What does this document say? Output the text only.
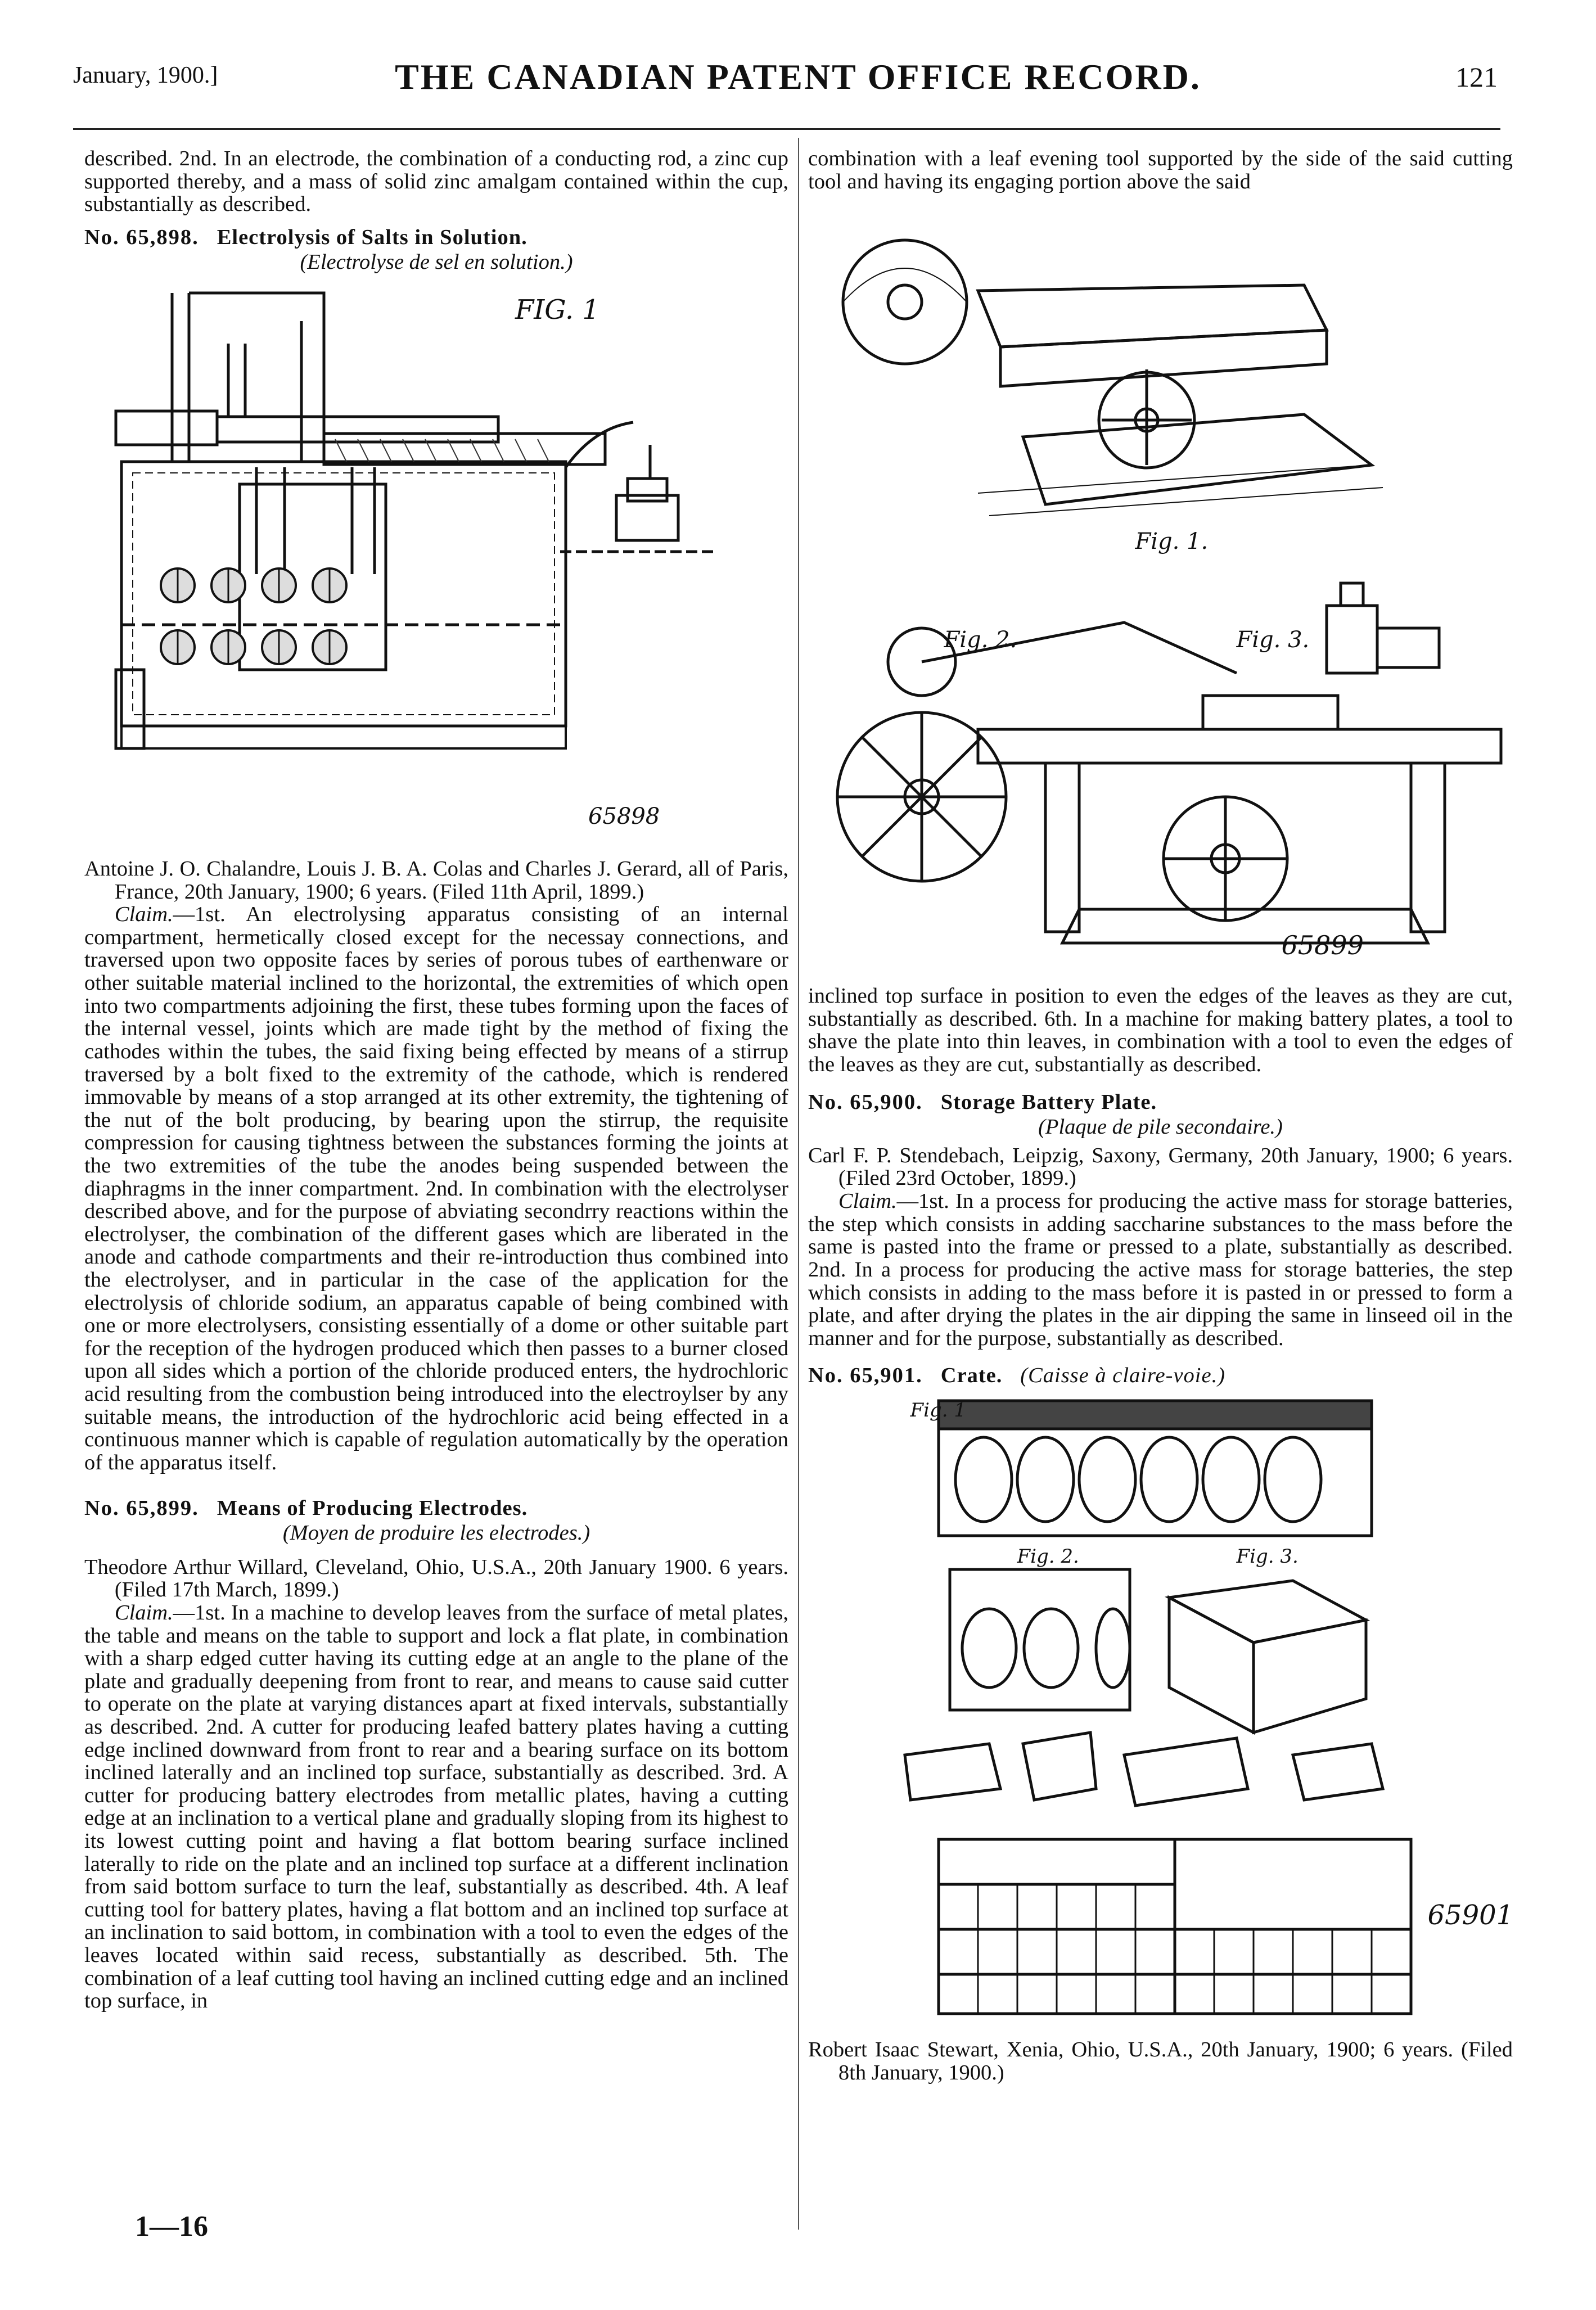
January, 1900.]	THE CANADIAN PATENT OFFICE RECORD.	121

described. 2nd. In an electrode, the combination of a conducting rod, a zinc cup supported thereby, and a mass of solid zinc amalgam contained within the cup, substantially as described.

No. 65,898. Electrolysis of Salts in Solution.

(Electrolyse de sel en solution.)

FIG. 1
65898

Antoine J. O. Chalandre, Louis J. B. A. Colas and Charles J. Gerard, all of Paris, France, 20th January, 1900; 6 years. (Filed 11th April, 1899.)

Claim.—1st. An electrolysing apparatus consisting of an internal compartment, hermetically closed except for the necessay connections, and traversed upon two opposite faces by series of porous tubes of earthenware or other suitable material inclined to the horizontal, the extremities of which open into two compartments adjoining the first, these tubes forming upon the faces of the internal vessel, joints which are made tight by the method of fixing the cathodes within the tubes, the said fixing being effected by means of a stirrup traversed by a bolt fixed to the extremity of the cathode, which is rendered immovable by means of a stop arranged at its other extremity, the tightening of the nut of the bolt producing, by bearing upon the stirrup, the requisite compression for causing tightness between the substances forming the joints at the two extremities of the tube the anodes being suspended between the diaphragms in the inner compartment. 2nd. In combination with the electrolyser described above, and for the purpose of abviating secondrry reactions within the electrolyser, the combination of the different gases which are liberated in the anode and cathode compartments and their re-introduction thus combined into the electrolyser, and in particular in the case of the application for the electrolysis of chloride sodium, an apparatus capable of being combined with one or more electrolysers, consisting essentially of a dome or other suitable part for the reception of the hydrogen produced which then passes to a burner closed upon all sides which a portion of the chloride produced enters, the hydrochloric acid resulting from the combustion being introduced into the electroylser by any suitable means, the introduction of the hydrochloric acid being effected in a continuous manner which is capable of regulation automatically by the operation of the apparatus itself.

No. 65,899. Means of Producing Electrodes.

(Moyen de produire les electrodes.)

Theodore Arthur Willard, Cleveland, Ohio, U.S.A., 20th January 1900. 6 years. (Filed 17th March, 1899.)

Claim.—1st. In a machine to develop leaves from the surface of metal plates, the table and means on the table to support and lock a flat plate, in combination with a sharp edged cutter having its cutting edge at an angle to the plane of the plate and gradually deepening from front to rear, and means to cause said cutter to operate on the plate at varying distances apart at fixed intervals, substantially as described. 2nd. A cutter for producing leafed battery plates having a cutting edge inclined downward from front to rear and a bearing surface on its bottom inclined laterally and an inclined top surface, substantially as described. 3rd. A cutter for producing battery electrodes from metallic plates, having a cutting edge at an inclination to a vertical plane and gradually sloping from its highest to its lowest cutting point and having a flat bottom bearing surface inclined laterally to ride on the plate and an inclined top surface at a different inclination from said bottom surface to turn the leaf, substantially as described. 4th. A leaf cutting tool for battery plates, having a flat bottom and an inclined top surface at an inclination to said bottom, in combination with a tool to even the edges of the leaves located within said recess, substantially as described. 5th. The combination of a leaf cutting tool having an inclined cutting edge and an inclined top surface, in

1—16

combination with a leaf evening tool supported by the side of the said cutting tool and having its engaging portion above the said

Fig. 1.
Fig. 2.	Fig. 3.
65899

inclined top surface in position to even the edges of the leaves as they are cut, substantially as described. 6th. In a machine for making battery plates, a tool to shave the plate into thin leaves, in combination with a tool to even the edges of the leaves as they are cut, substantially as described.

No. 65,900. Storage Battery Plate.

(Plaque de pile secondaire.)

Carl F. P. Stendebach, Leipzig, Saxony, Germany, 20th January, 1900; 6 years. (Filed 23rd October, 1899.)

Claim.—1st. In a process for producing the active mass for storage batteries, the step which consists in adding saccharine substances to the mass before the same is pasted into the frame or pressed to a plate, substantially as described. 2nd. In a process for producing the active mass for storage batteries, the step which consists in adding to the mass before it is pasted in or pressed to form a plate, and after drying the plates in the air dipping the same in linseed oil in the manner and for the purpose, substantially as described.

No. 65,901. Crate. (Caisse à claire-voie.)

Fig. 1
Fig. 2.	Fig. 3.
65901

Robert Isaac Stewart, Xenia, Ohio, U.S.A., 20th January, 1900; 6 years. (Filed 8th January, 1900.)
